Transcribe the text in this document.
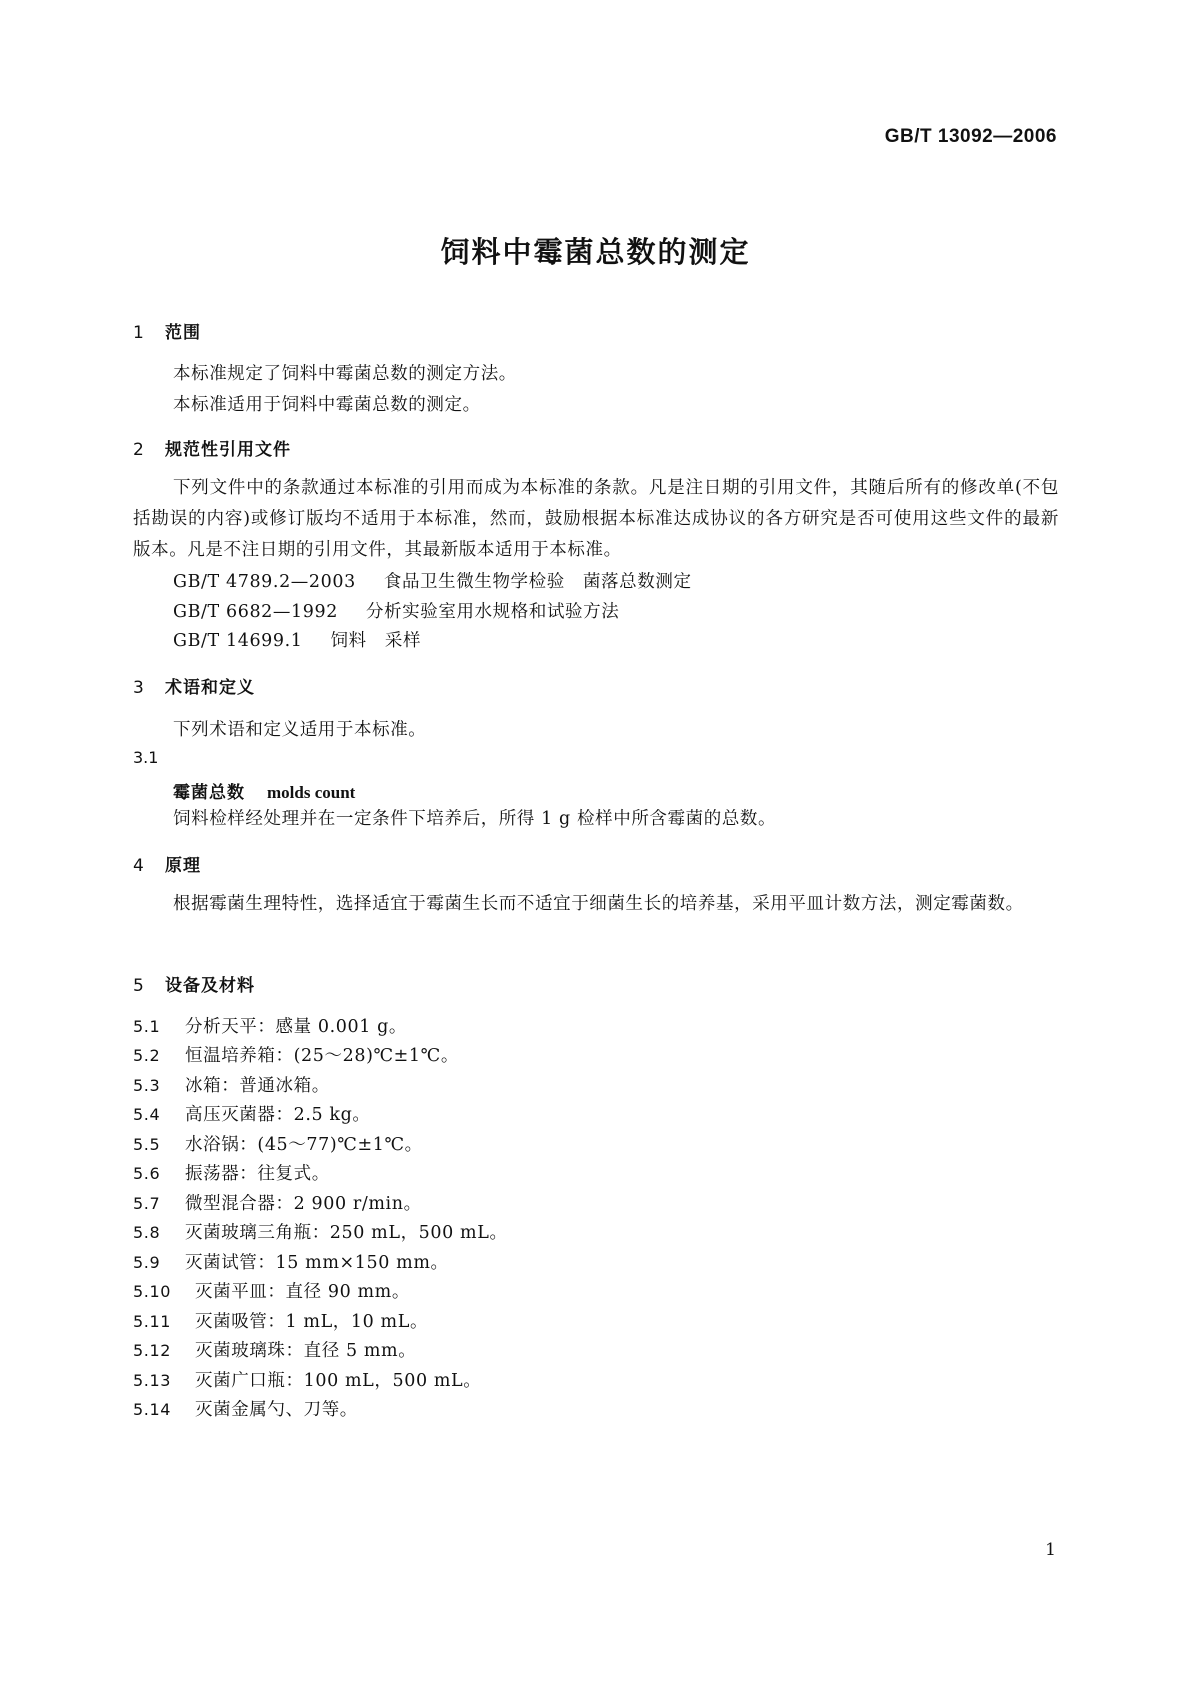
GB/T 13092—2006
饲料中霉菌总数的测定
1 范围
本标准规定了饲料中霉菌总数的测定方法。
本标准适用于饲料中霉菌总数的测定。
2 规范性引用文件
下列文件中的条款通过本标准的引用而成为本标准的条款。凡是注日期的引用文件，其随后所有的修改单(不包括勘误的内容)或修订版均不适用于本标准，然而，鼓励根据本标准达成协议的各方研究是否可使用这些文件的最新版本。凡是不注日期的引用文件，其最新版本适用于本标准。
GB/T 4789.2—2003 食品卫生微生物学检验　菌落总数测定
GB/T 6682—1992 分析实验室用水规格和试验方法
GB/T 14699.1 饲料　采样
3 术语和定义
下列术语和定义适用于本标准。
3.1
霉菌总数 molds count
饲料检样经处理并在一定条件下培养后，所得 1 g 检样中所含霉菌的总数。
4 原理
根据霉菌生理特性，选择适宜于霉菌生长而不适宜于细菌生长的培养基，采用平皿计数方法，测定霉菌数。
5 设备及材料
5.1 分析天平：感量 0.001 g。
5.2 恒温培养箱：(25～28)℃±1℃。
5.3 冰箱：普通冰箱。
5.4 高压灭菌器：2.5 kg。
5.5 水浴锅：(45～77)℃±1℃。
5.6 振荡器：往复式。
5.7 微型混合器：2 900 r/min。
5.8 灭菌玻璃三角瓶：250 mL，500 mL。
5.9 灭菌试管：15 mm×150 mm。
5.10 灭菌平皿：直径 90 mm。
5.11 灭菌吸管：1 mL，10 mL。
5.12 灭菌玻璃珠：直径 5 mm。
5.13 灭菌广口瓶：100 mL，500 mL。
5.14 灭菌金属勺、刀等。
1
